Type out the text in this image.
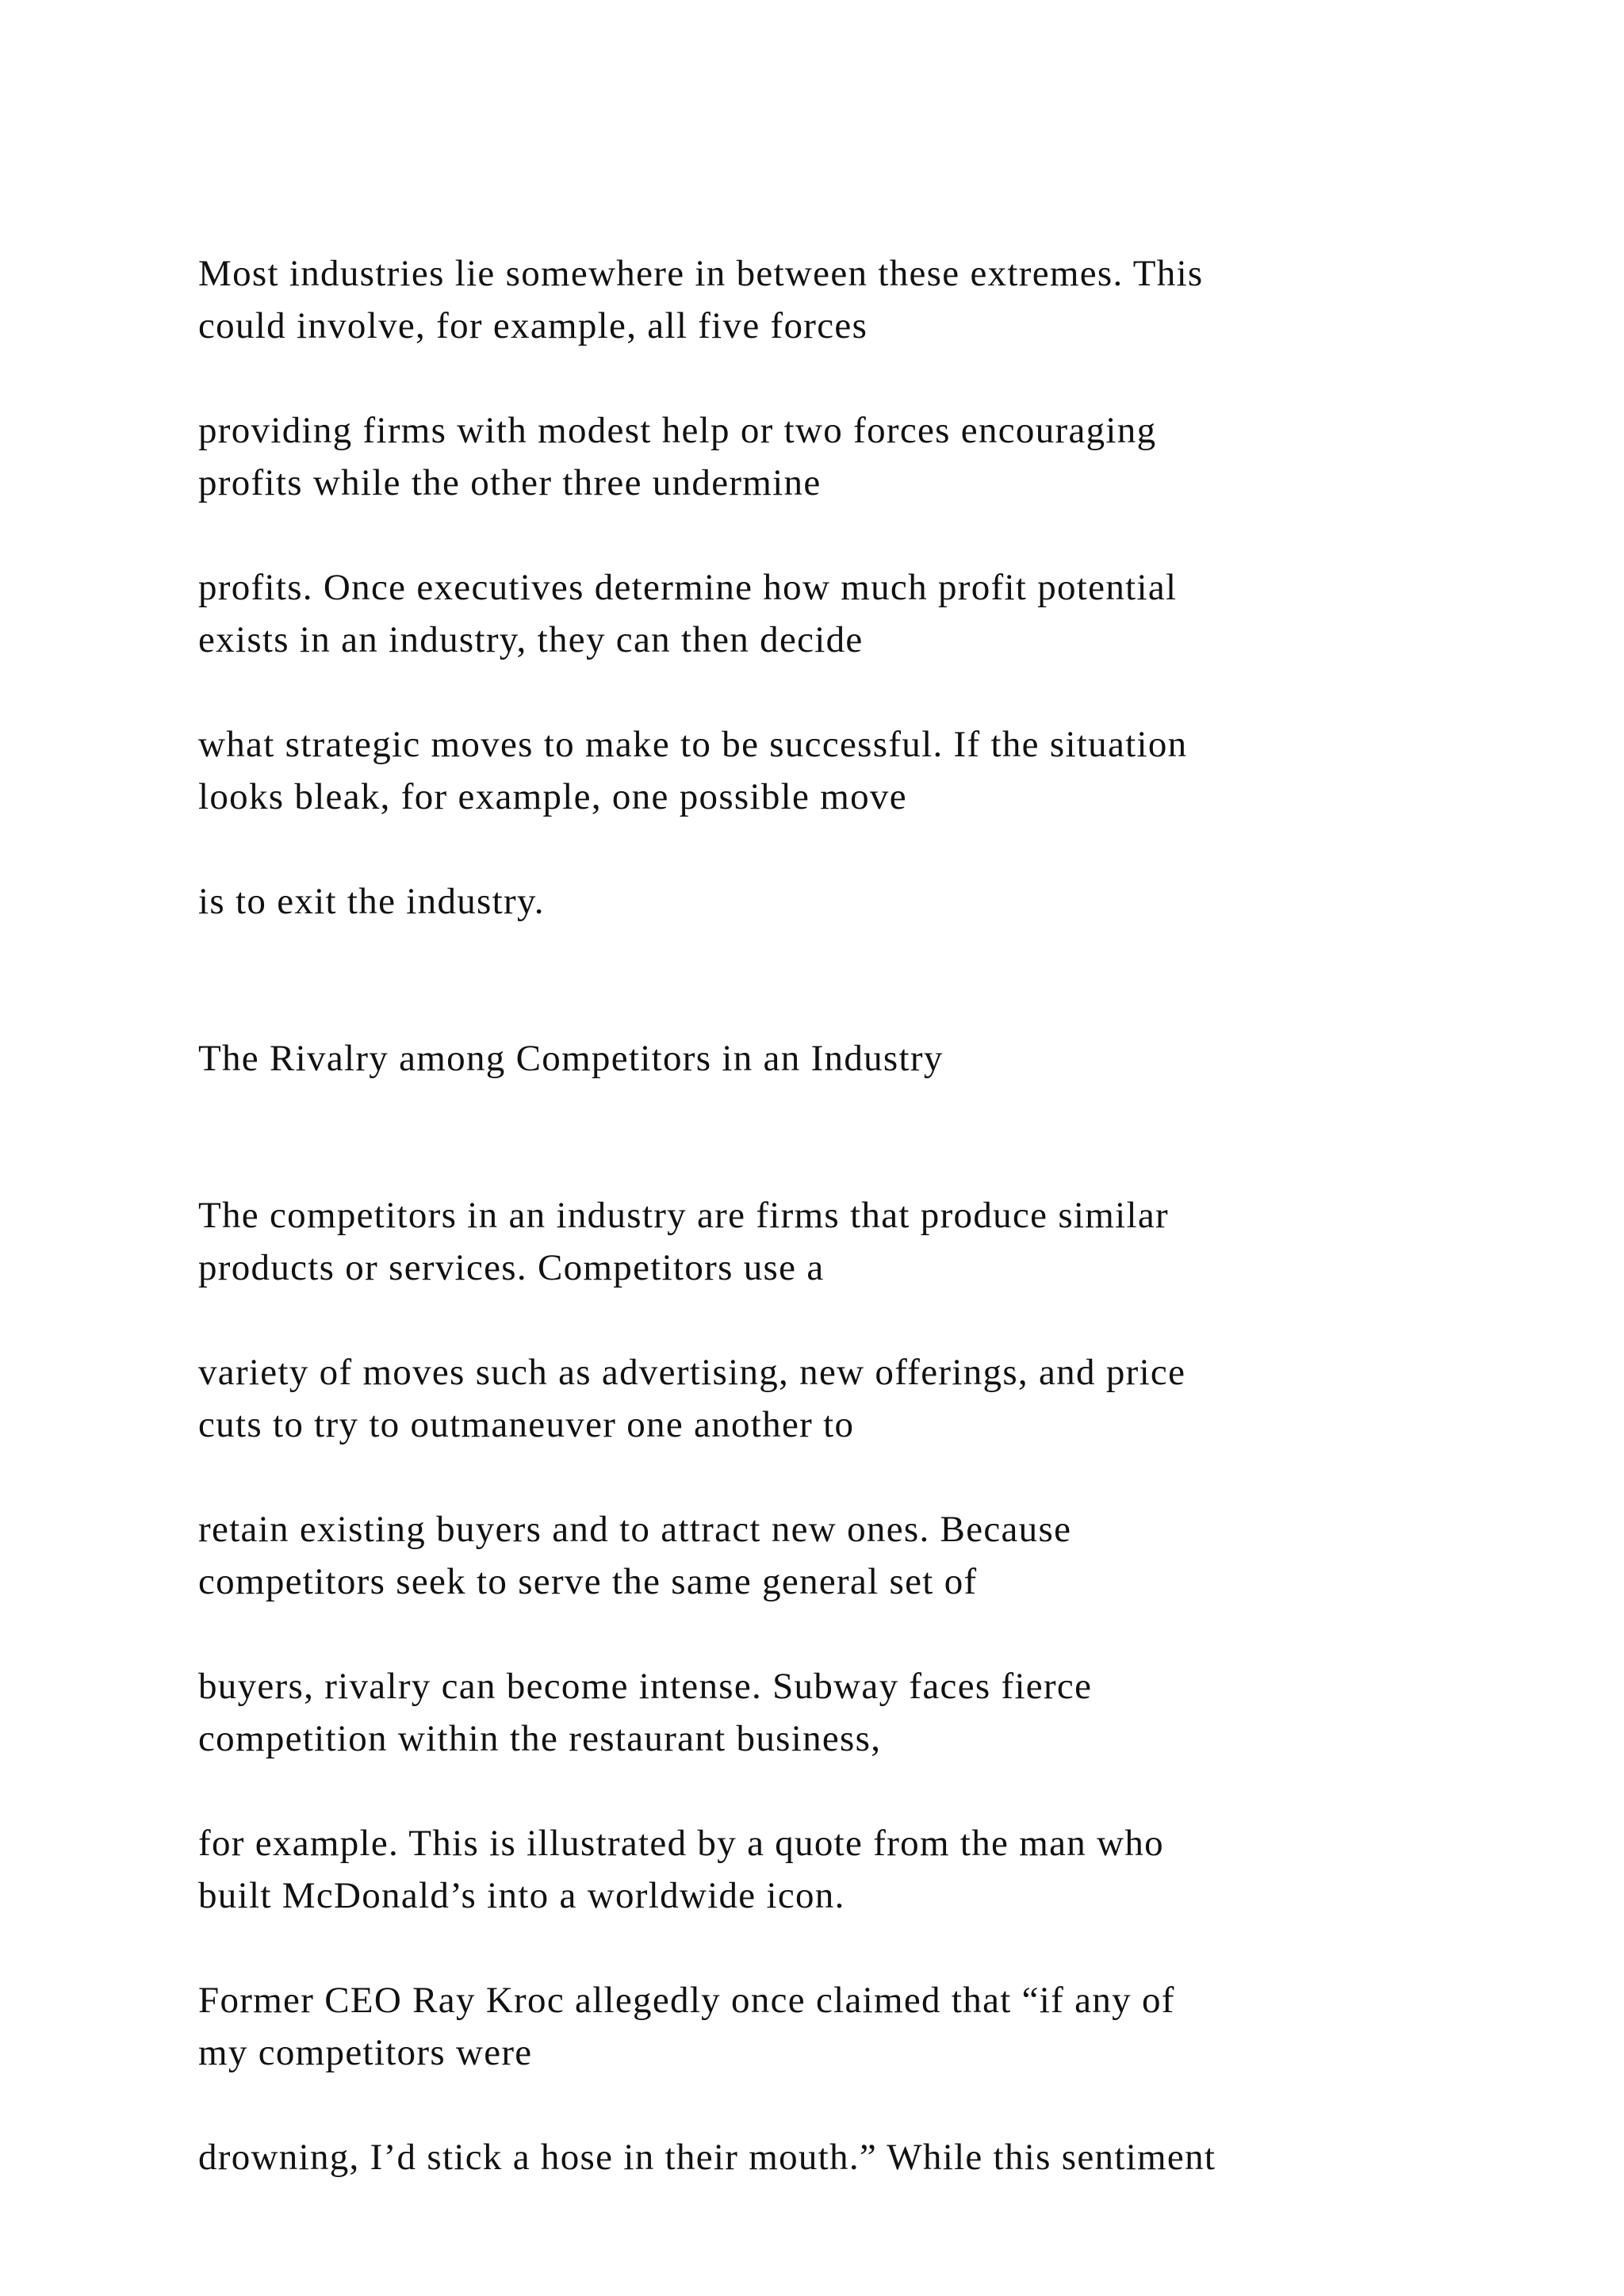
Most industries lie somewhere in between these extremes. This
could involve, for example, all five forces

providing firms with modest help or two forces encouraging
profits while the other three undermine

profits. Once executives determine how much profit potential
exists in an industry, they can then decide

what strategic moves to make to be successful. If the situation
looks bleak, for example, one possible move

is to exit the industry.

The Rivalry among Competitors in an Industry

The competitors in an industry are firms that produce similar
products or services. Competitors use a

variety of moves such as advertising, new offerings, and price
cuts to try to outmaneuver one another to

retain existing buyers and to attract new ones. Because
competitors seek to serve the same general set of

buyers, rivalry can become intense. Subway faces fierce
competition within the restaurant business,

for example. This is illustrated by a quote from the man who
built McDonald’s into a worldwide icon.

Former CEO Ray Kroc allegedly once claimed that “if any of
my competitors were

drowning, I’d stick a hose in their mouth.” While this sentiment
